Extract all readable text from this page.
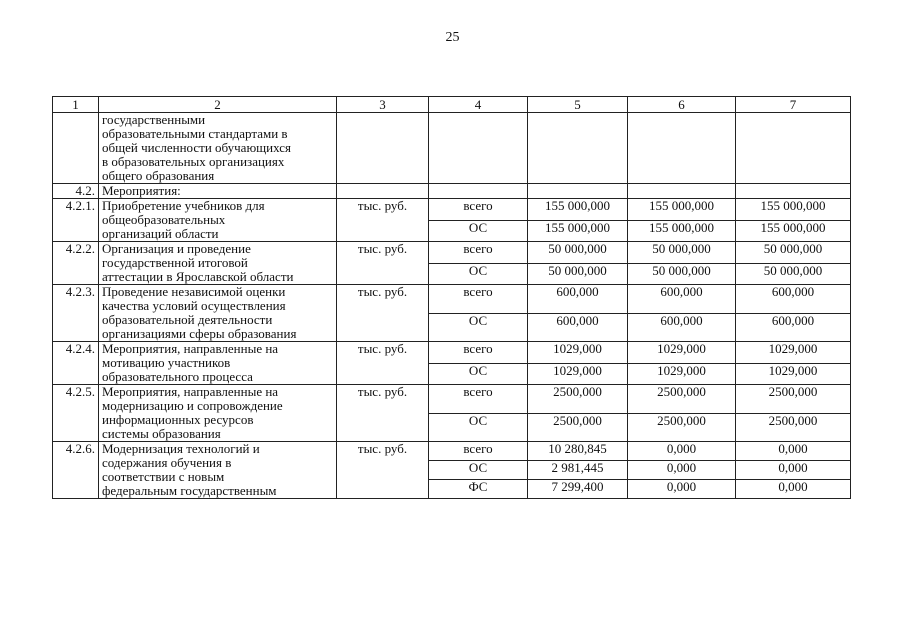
25
1	2	3	4	5	6	7

	государственными
образовательными стандартами в
общей численности обучающихся
в образовательных организациях
общего образования					

4.2.	Мероприятия:					
4.2.1.	Приобретение учебников для
общеобразовательных
организаций области	тыс. руб.	всего	155 000,000	155 000,000	155 000,000
			ОС	155 000,000	155 000,000	155 000,000
4.2.2.	Организация и проведение
государственной итоговой
аттестации в Ярославской области	тыс. руб.	всего	50 000,000	50 000,000	50 000,000
			ОС	50 000,000	50 000,000	50 000,000
4.2.3.	Проведение независимой оценки
качества условий осуществления
образовательной деятельности
организациями сферы образования	тыс. руб.	всего	600,000	600,000	600,000
			ОС	600,000	600,000	600,000
4.2.4.	Мероприятия, направленные на
мотивацию участников
образовательного процесса	тыс. руб.	всего	1029,000	1029,000	1029,000
			ОС	1029,000	1029,000	1029,000
4.2.5.	Мероприятия, направленные на
модернизацию и сопровождение
информационных ресурсов
системы образования	тыс. руб.	всего	2500,000	2500,000	2500,000
			ОС	2500,000	2500,000	2500,000
4.2.6.	Модернизация технологий и
содержания обучения в
соответствии с новым
федеральным государственным	тыс. руб.	всего	10 280,845	0,000	0,000
			ОС	2 981,445	0,000	0,000
			ФС	7 299,400	0,000	0,000
